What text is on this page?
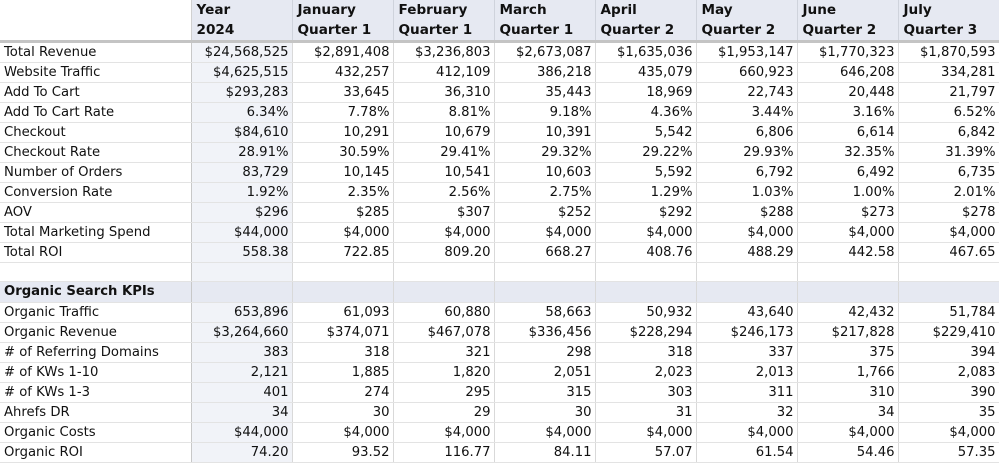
	Year	January	February	March	April	May	June	July
	2024	Quarter 1	Quarter 1	Quarter 1	Quarter 2	Quarter 2	Quarter 2	Quarter 3
Total Revenue	$24,568,525	$2,891,408	$3,236,803	$2,673,087	$1,635,036	$1,953,147	$1,770,323	$1,870,593
Website Traffic	$4,625,515	432,257	412,109	386,218	435,079	660,923	646,208	334,281
Add To Cart	$293,283	33,645	36,310	35,443	18,969	22,743	20,448	21,797
Add To Cart Rate	6.34%	7.78%	8.81%	9.18%	4.36%	3.44%	3.16%	6.52%
Checkout	$84,610	10,291	10,679	10,391	5,542	6,806	6,614	6,842
Checkout Rate	28.91%	30.59%	29.41%	29.32%	29.22%	29.93%	32.35%	31.39%
Number of Orders	83,729	10,145	10,541	10,603	5,592	6,792	6,492	6,735
Conversion Rate	1.92%	2.35%	2.56%	2.75%	1.29%	1.03%	1.00%	2.01%
AOV	$296	$285	$307	$252	$292	$288	$273	$278
Total Marketing Spend	$44,000	$4,000	$4,000	$4,000	$4,000	$4,000	$4,000	$4,000
Total ROI	558.38	722.85	809.20	668.27	408.76	488.29	442.58	467.65

Organic Search KPIs								
Organic Traffic	653,896	61,093	60,880	58,663	50,932	43,640	42,432	51,784
Organic Revenue	$3,264,660	$374,071	$467,078	$336,456	$228,294	$246,173	$217,828	$229,410
# of Referring Domains	383	318	321	298	318	337	375	394
# of KWs 1-10	2,121	1,885	1,820	2,051	2,023	2,013	1,766	2,083
# of KWs 1-3	401	274	295	315	303	311	310	390
Ahrefs DR	34	30	29	30	31	32	34	35
Organic Costs	$44,000	$4,000	$4,000	$4,000	$4,000	$4,000	$4,000	$4,000
Organic ROI	74.20	93.52	116.77	84.11	57.07	61.54	54.46	57.35
